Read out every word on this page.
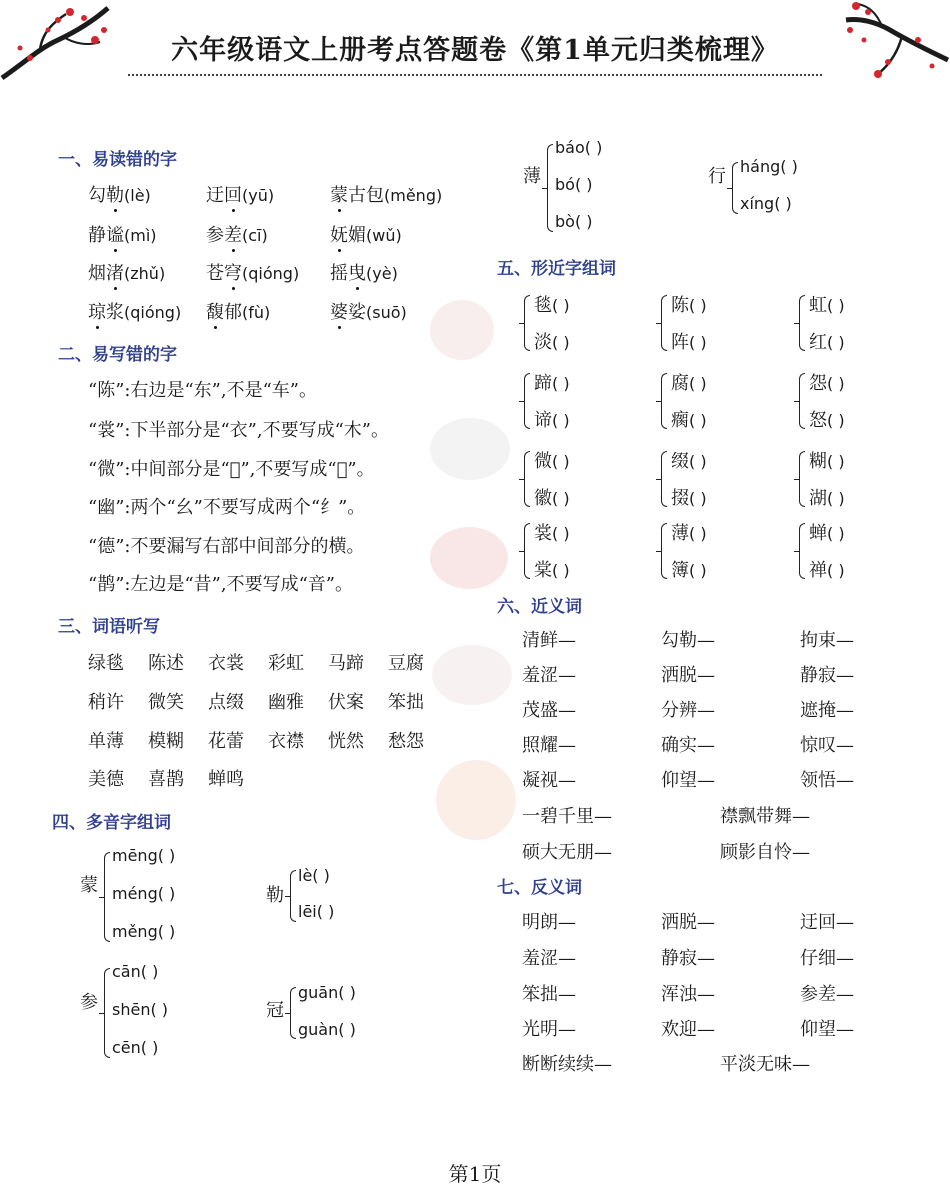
六年级语文上册考点答题卷《第1单元归类梳理》
一、易读错的字
勾勒(lè)	迂回(yū)	蒙古包(měng)
静谧(mì)	参差(cī)	妩媚(wǔ)
烟渚(zhǔ) 苍穹(qióng) 摇曳(yè)
琼浆(qióng) 馥郁(fù)	婆娑(suō)
二、易写错的字
“陈”:右边是“东”,不是“车”。
“裳”:下半部分是“衣”,不要写成“木”。
“微”:中间部分是“𬼘”,不要写成“𬼙”。
“幽”:两个“幺”不要写成两个“纟”。
“德”:不要漏写右部中间部分的横。
“鹊”:左边是“昔”,不要写成“音”。
三、词语听写
绿毯 陈述 衣裳 彩虹 马蹄 豆腐
稍许 微笑 点缀 幽雅 伏案 笨拙
单薄 模糊 花蕾 衣襟 恍然 愁怨
美德 喜鹊 蝉鸣
四、多音字组词
蒙
mēng( )
méng( )
měng( )
勒
lè( )
lēi( )
参
cān( )
shēn( )
cēn( )
冠
guān( )
guàn( )
薄
báo( )
bó( )
bò( )
行 háng( )
xíng( )
五、形近字组词
毯( )
淡( )
陈( )
阵( )
虹( )
红( )
蹄( )
谛( )
腐( )
瘸( )
怨( )
怒( )
微( )
徽( )
缀( )
掇( )
糊( )
湖( )
裳( )
棠( )
薄( )
簿( )
蝉( )
禅( )
六、近义词
清鲜—	勾勒—	拘束—
羞涩—	洒脱—	静寂—
茂盛—	分辨—	遮掩—
照耀—	确实—	惊叹—
凝视—	仰望—	领悟—
一碧千里—	襟飘带舞—
硕大无朋—	顾影自怜—
七、反义词
明朗—	洒脱—	迂回—
羞涩—	静寂—	仔细—
笨拙—	浑浊—	参差—
光明—	欢迎—	仰望—
断断续续—	平淡无味—
第1页
